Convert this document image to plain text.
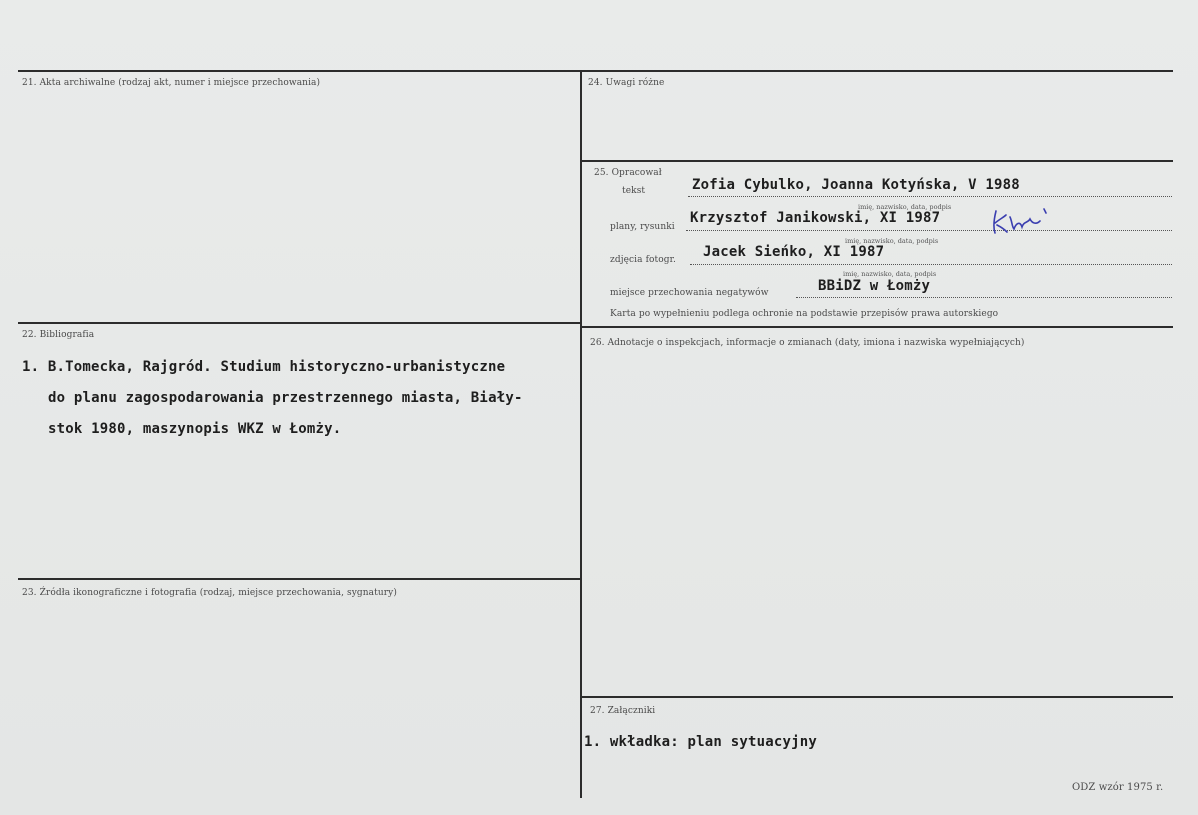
21. Akta archiwalne (rodzaj akt, numer i miejsce przechowania)
22. Bibliografia
1. B.Tomecka, Rajgród. Studium historyczno-urbanistyczne
do planu zagospodarowania przestrzennego miasta, Biały-
stok 1980, maszynopis WKZ w Łomży.
23. Źródła ikonograficzne i fotografia (rodzaj, miejsce przechowania, sygnatury)
24. Uwagi różne
25. Opracował
tekst	Zofia Cybulko, Joanna Kotyńska, V 1988
imię, nazwisko, data, podpis
plany, rysunki
Krzysztof Janikowski, XI 1987
imię, nazwisko, data, podpis
zdjęcia fotogr. Jacek Sieńko, XI 1987
imię, nazwisko, data, podpis
miejsce przechowania negatywów	BBiDZ w Łomży
Karta po wypełnieniu podlega ochronie na podstawie przepisów prawa autorskiego
26. Adnotacje o inspekcjach, informacje o zmianach (daty, imiona i nazwiska wypełniających)
27. Załączniki
1. wkładka: plan sytuacyjny
ODZ wzór 1975 r.
